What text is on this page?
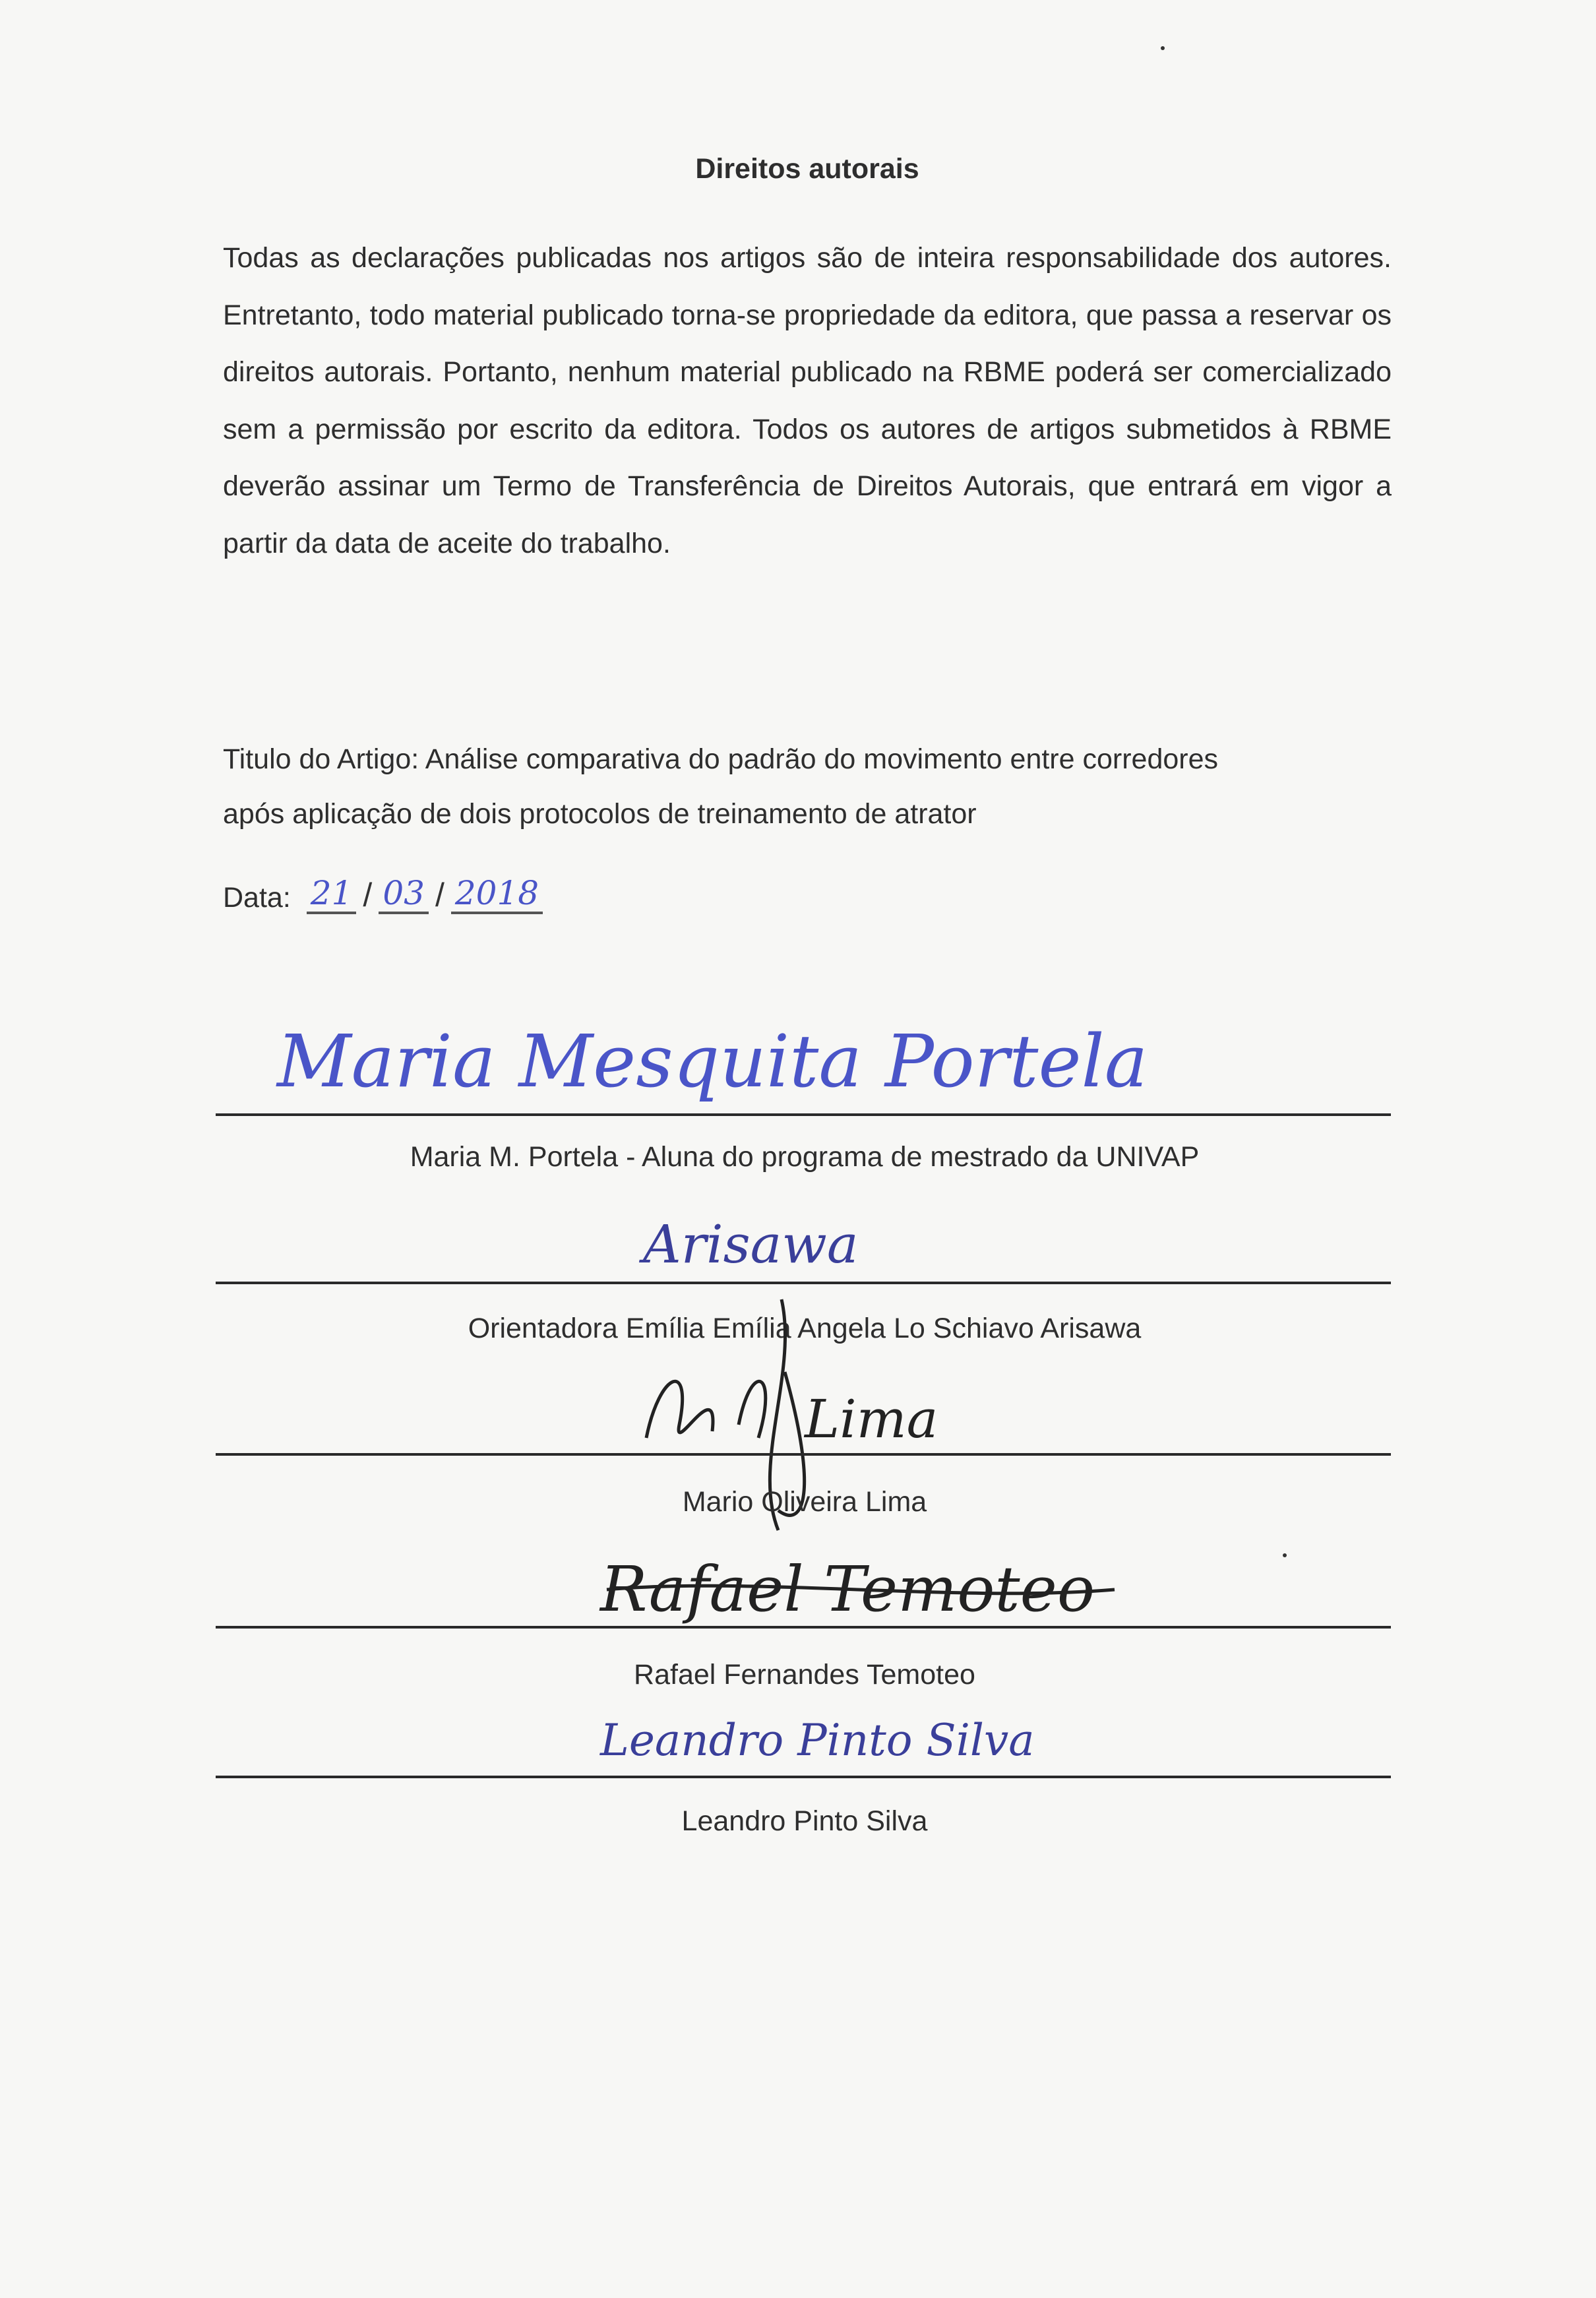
Direitos autorais
Todas as declarações publicadas nos artigos são de inteira responsabilidade dos autores. Entretanto, todo material publicado torna-se propriedade da editora, que passa a reservar os direitos autorais. Portanto, nenhum material publicado na RBME poderá ser comercializado sem a permissão por escrito da editora. Todos os autores de artigos submetidos à RBME deverão assinar um Termo de Transferência de Direitos Autorais, que entrará em vigor a partir da data de aceite do trabalho.
Titulo do Artigo: Análise comparativa do padrão do movimento entre corredores
após aplicação de dois protocolos de treinamento de atrator
Data: 21 / 03 / 2018
Maria Mesquita Portela
Maria M. Portela - Aluna do programa de mestrado da UNIVAP
Arisawa
Orientadora Emília Emília Angela Lo Schiavo Arisawa
Lima
Mario Oliveira Lima
Rafael Temoteo
Rafael Fernandes Temoteo
Leandro Pinto Silva
Leandro Pinto Silva
